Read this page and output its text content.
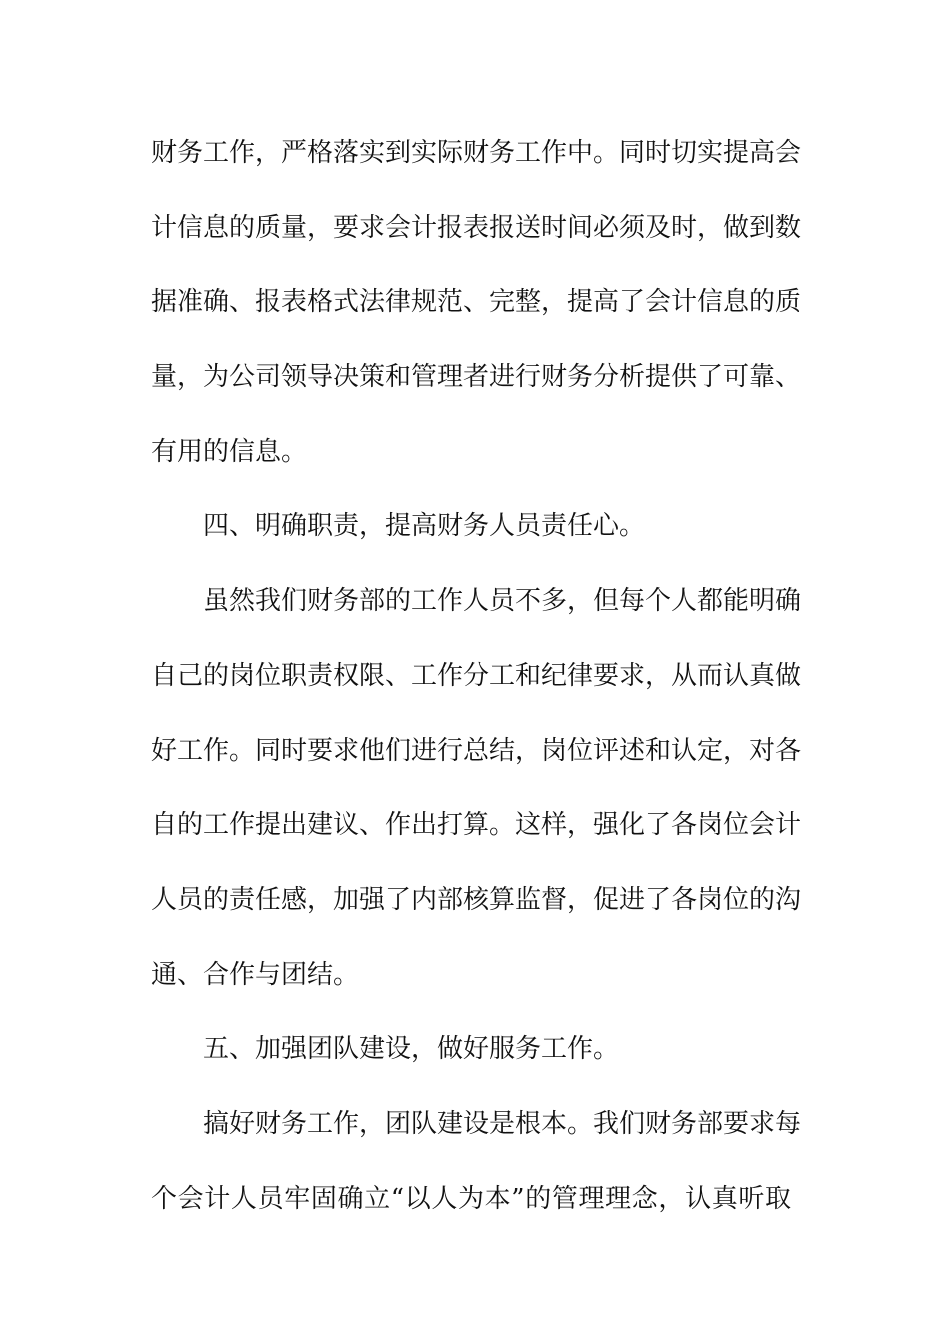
财务工作，严格落实到实际财务工作中。同时切实提高会
计信息的质量，要求会计报表报送时间必须及时，做到数
据准确、报表格式法律规范、完整，提高了会计信息的质
量，为公司领导决策和管理者进行财务分析提供了可靠、
有用的信息。
四、明确职责，提高财务人员责任心。
虽然我们财务部的工作人员不多，但每个人都能明确
自己的岗位职责权限、工作分工和纪律要求，从而认真做
好工作。同时要求他们进行总结，岗位评述和认定，对各
自的工作提出建议、作出打算。这样，强化了各岗位会计
人员的责任感，加强了内部核算监督，促进了各岗位的沟
通、合作与团结。
五、加强团队建设，做好服务工作。
搞好财务工作，团队建设是根本。我们财务部要求每
个会计人员牢固确立“以人为本”的管理理念，认真听取
